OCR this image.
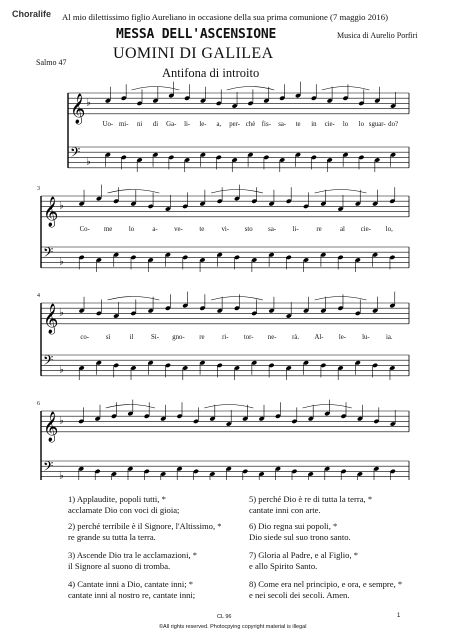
Choralife Al mio dilettissimo figlio Aureliano in occasione della sua prima comunione (7 maggio 2016)
MESSA DELL'ASCENSIONE	Musica di Aurelio Porfiri
UOMINI DI GALILEA
Antifona di introito
Salmo 47
𝄞 ♭
𝄢 ♭
𝄞 ♭
𝄢 ♭
𝄞 ♭
𝄢 ♭
𝄞 ♭
𝄢 ♭
3
4
6
Uo- mi- ni di Ga- li- le- a, per- chè fis- sa- te in cie- lo lo sguar- do?
Co- me lo	a- ve- te	vi- sto sa- li-	re	al cie- lo,
co- sì	il	Si- gno- re	ri- tor- ne- rà. Al- le- lu- ia.
1) Applaudite, popoli tutti, *
acclamate Dio con voci di gioia;
2) perché terribile è il Signore, l'Altissimo, *
re grande su tutta la terra.
3) Ascende Dio tra le acclamazioni, *
il Signore al suono di tromba.
4) Cantate inni a Dio, cantate inni; *
cantate inni al nostro re, cantate inni;
5) perché Dio è re di tutta la terra, *
cantate inni con arte.
6) Dio regna sui popoli, *
Dio siede sul suo trono santo.
7) Gloria al Padre, e al Figlio, *
e allo Spirito Santo.
8) Come era nel principio, e ora, e sempre, *
e nei secoli dei secoli. Amen.
CL 96	1
©All rights reserved. Photocpying copyright material is illegal
